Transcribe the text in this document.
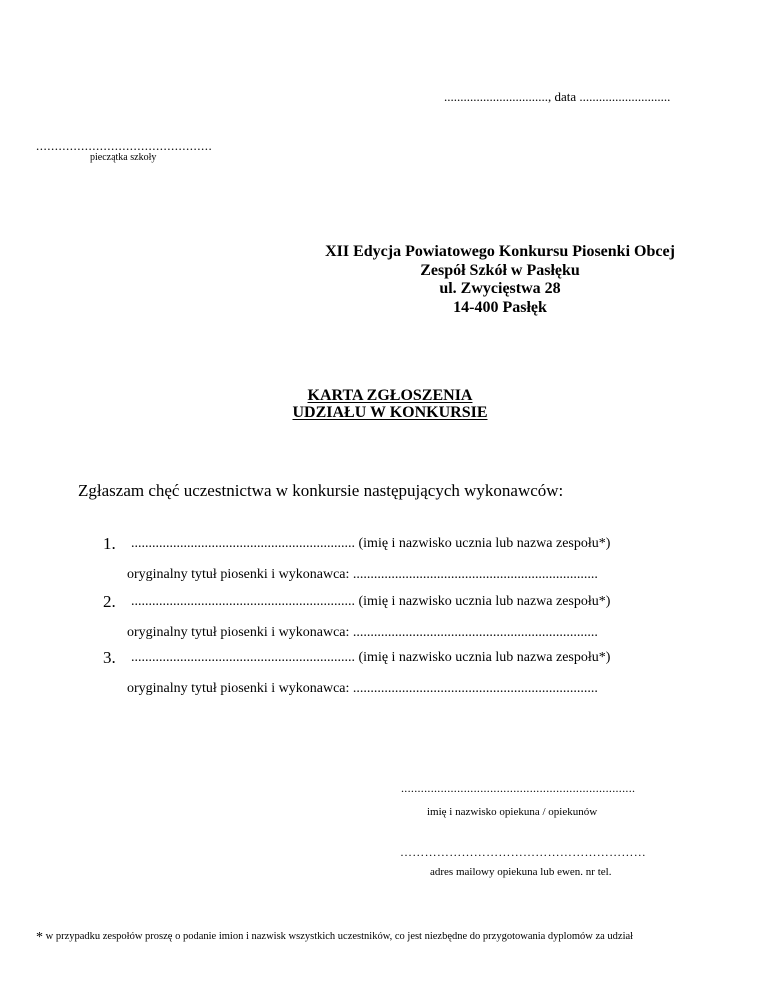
................................, data ............................
...............................................
pieczątka szkoły
XII Edycja Powiatowego Konkursu Piosenki Obcej
Zespół Szkół w Pasłęku
ul. Zwycięstwa 28
14-400 Pasłęk
KARTA ZGŁOSZENIA
UDZIAŁU W KONKURSIE
Zgłaszam chęć uczestnictwa w konkursie następujących wykonawców:
1. ................................................................ (imię i nazwisko ucznia lub nazwa zespołu*)
oryginalny tytuł piosenki i wykonawca: ......................................................................
2. ................................................................ (imię i nazwisko ucznia lub nazwa zespołu*)
oryginalny tytuł piosenki i wykonawca: ......................................................................
3. ................................................................ (imię i nazwisko ucznia lub nazwa zespołu*)
oryginalny tytuł piosenki i wykonawca: ......................................................................
.......................................................................
imię i nazwisko opiekuna / opiekunów
……………………………………………………
adres mailowy opiekuna lub ewen. nr tel.
* w przypadku zespołów proszę o podanie imion i nazwisk wszystkich uczestników, co jest niezbędne do przygotowania dyplomów za udział
